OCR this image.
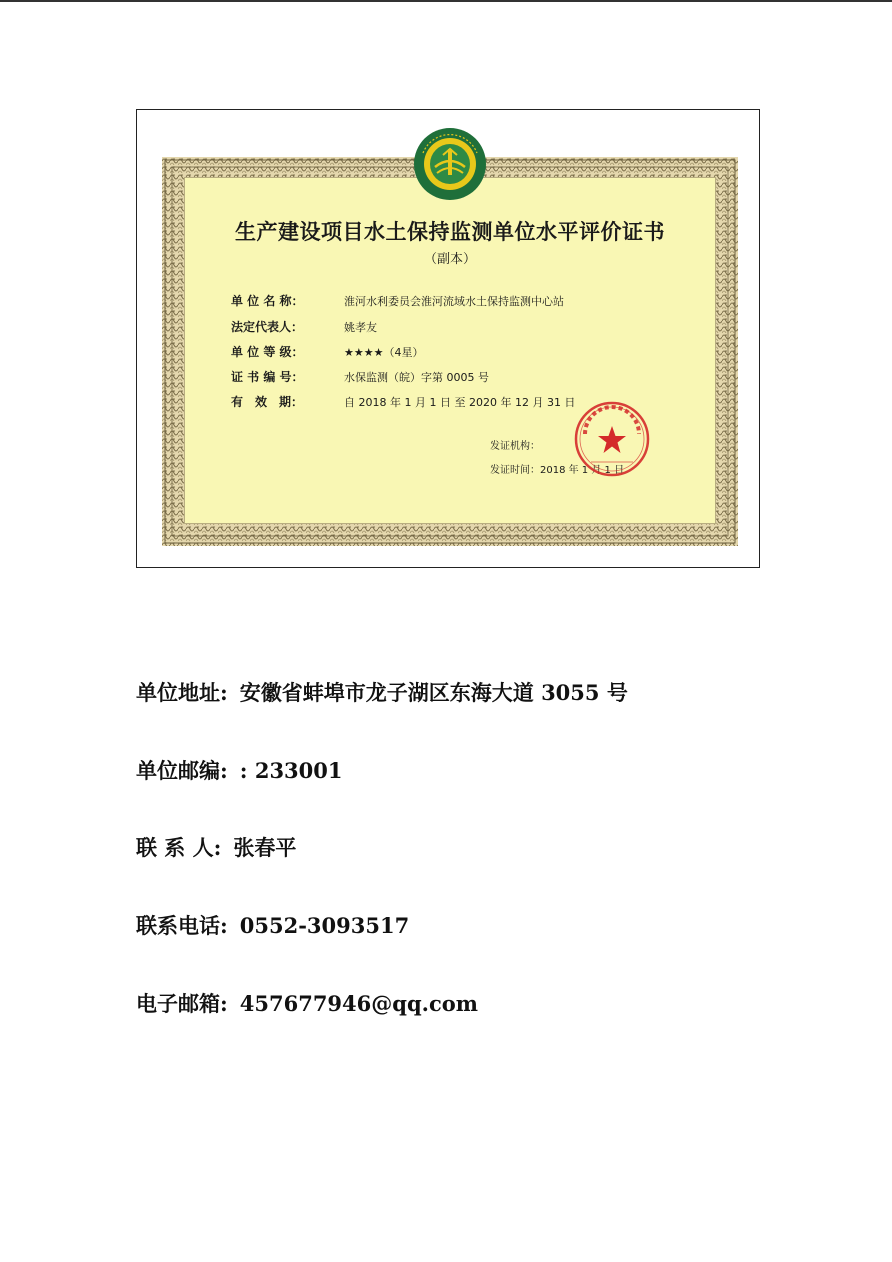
生产建设项目水土保持监测单位水平评价证书
（副本）
单 位 名 称：	淮河水利委员会淮河流域水土保持监测中心站
法定代表人：	姚孝友
单 位 等 级：	★★★★（4星）
证 书 编 号：	水保监测（皖）字第 0005 号
有　效　期：	自 2018 年 1 月 1 日 至 2020 年 12 月 31 日
发证机构：
发证时间：2018 年 1 月 1 日
单位地址: 安徽省蚌埠市龙子湖区东海大道 3055 号
单位邮编: : 233001
联 系 人: 张春平
联系电话: 0552-3093517
电子邮箱: 457677946@qq.com
